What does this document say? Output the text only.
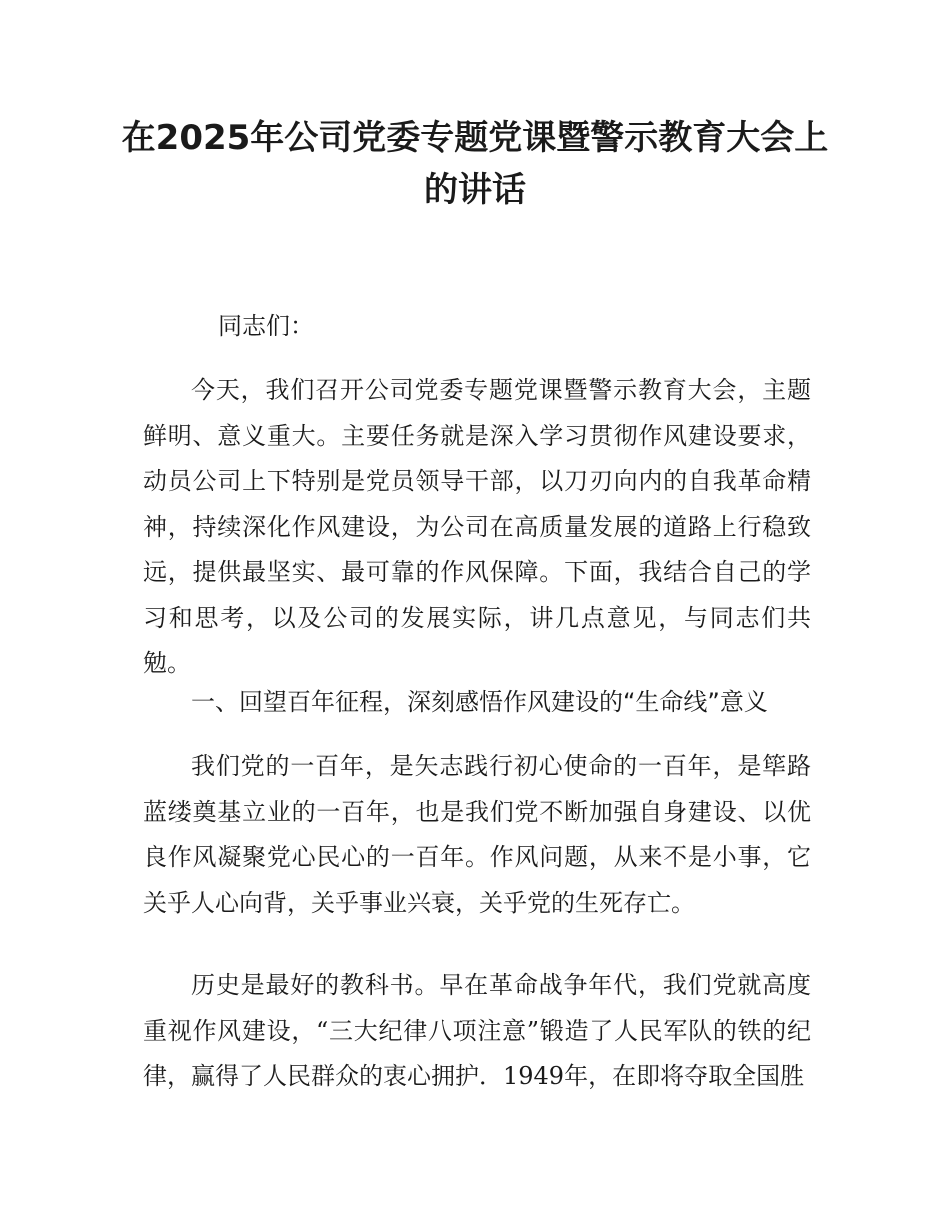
在2025年公司党委专题党课暨警示教育大会上的讲话

同志们：

今天，我们召开公司党委专题党课暨警示教育大会，主题鲜明、意义重大。主要任务就是深入学习贯彻作风建设要求，动员公司上下特别是党员领导干部，以刀刃向内的自我革命精神，持续深化作风建设，为公司在高质量发展的道路上行稳致远，提供最坚实、最可靠的作风保障。下面，我结合自己的学习和思考，以及公司的发展实际，讲几点意见，与同志们共勉。

一、回望百年征程，深刻感悟作风建设的“生命线”意义

我们党的一百年，是矢志践行初心使命的一百年，是筚路蓝缕奠基立业的一百年，也是我们党不断加强自身建设、以优良作风凝聚党心民心的一百年。作风问题，从来不是小事，它关乎人心向背，关乎事业兴衰，关乎党的生死存亡。

历史是最好的教科书。早在革命战争年代，我们党就高度重视作风建设，“三大纪律八项注意”锻造了人民军队的铁的纪律，赢得了人民群众的衷心拥护．1949年，在即将夺取全国胜
